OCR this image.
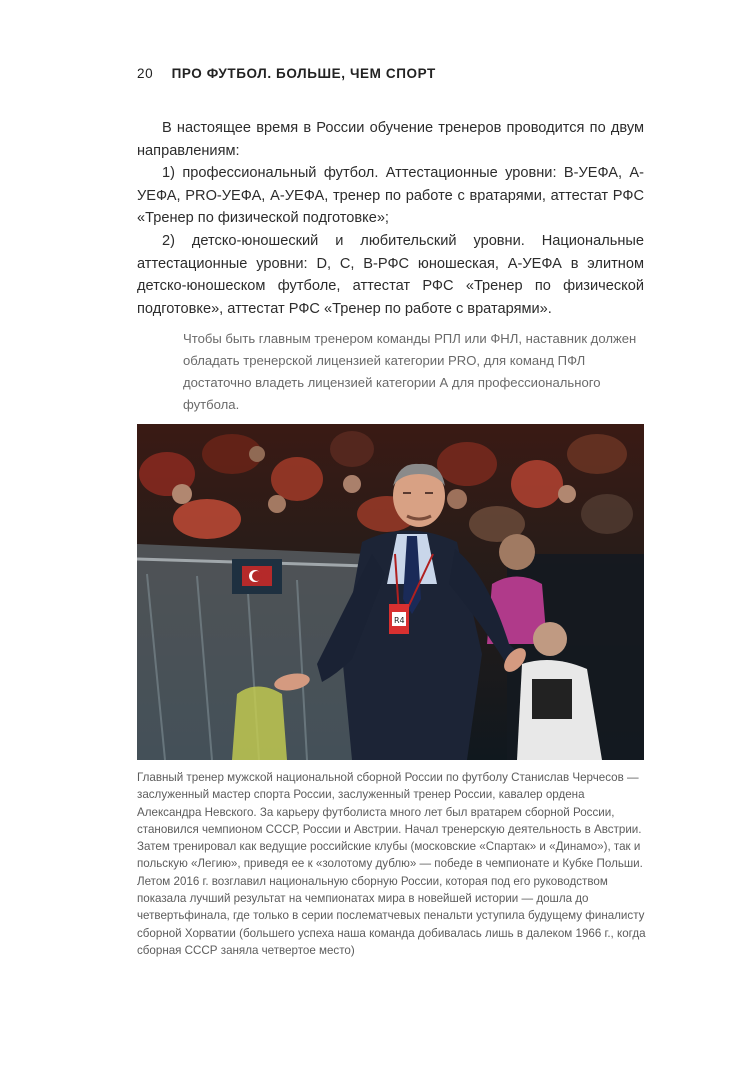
20 ПРО ФУТБОЛ. БОЛЬШЕ, ЧЕМ СПОРТ

В настоящее время в России обучение тренеров проводится по двум направлениям:

1) профессиональный футбол. Аттестационные уровни: В-УЕФА, А-УЕФА, PRO-УЕФА, А-УЕФА, тренер по работе с вратарями, аттестат РФС «Тренер по физической подготовке»;

2) детско-юношеский и любительский уровни. Национальные аттестационные уровни: D, С, В-РФС юношеская, А-УЕФА в элитном детско-юношеском футболе, аттестат РФС «Тренер по физической подготовке», аттестат РФС «Тренер по работе с вратарями».

Чтобы быть главным тренером команды РПЛ или ФНЛ, наставник должен обладать тренерской лицензией категории PRO, для команд ПФЛ достаточно владеть лицензией категории А для профессионального футбола.
R4
Главный тренер мужской национальной сборной России по футболу Станислав Черчесов — заслуженный мастер спорта России, заслуженный тренер России, кавалер ордена Александра Невского. За карьеру футболиста много лет был вратарем сборной России, становился чемпионом СССР, России и Австрии. Начал тренерскую деятельность в Австрии. Затем тренировал как ведущие российские клубы (московские «Спартак» и «Динамо»), так и польскую «Легию», приведя ее к «золотому дублю» — победе в чемпионате и Кубке Польши. Летом 2016 г. возглавил национальную сборную России, которая под его руководством показала лучший результат на чемпионатах мира в новейшей истории — дошла до четвертьфинала, где только в серии послематчевых пенальти уступила будущему финалисту сборной Хорватии (большего успеха наша команда добивалась лишь в далеком 1966 г., когда сборная СССР заняла четвертое место)
